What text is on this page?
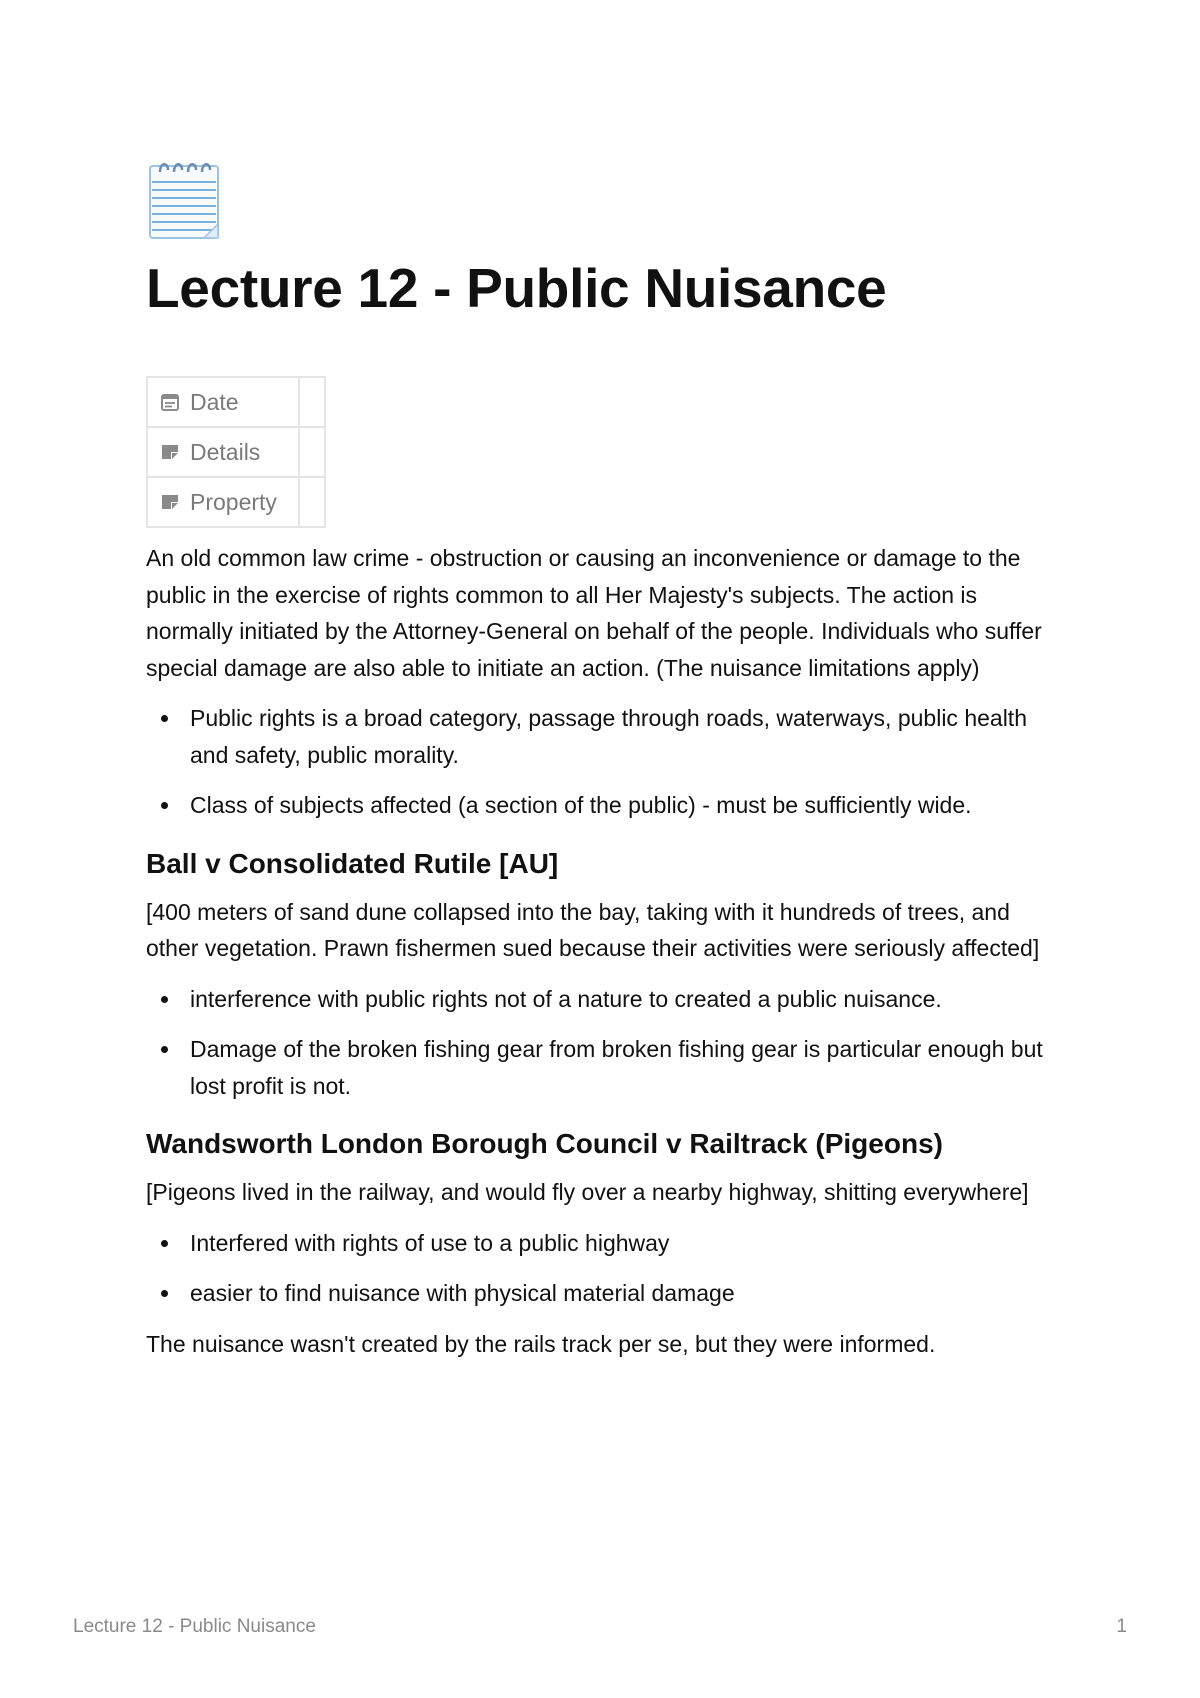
Lecture 12 - Public Nuisance
Date	

Details	

Property	

An old common law crime - obstruction or causing an inconvenience or damage to the public in the exercise of rights common to all Her Majesty's subjects. The action is normally initiated by the Attorney-General on behalf of the people. Individuals who suffer special damage are also able to initiate an action. (The nuisance limitations apply)

Public rights is a broad category, passage through roads, waterways, public health and safety, public morality.
Class of subjects affected (a section of the public) - must be sufficiently wide.
Ball v Consolidated Rutile [AU]

[400 meters of sand dune collapsed into the bay, taking with it hundreds of trees, and other vegetation. Prawn fishermen sued because their activities were seriously affected]

interference with public rights not of a nature to created a public nuisance.
Damage of the broken fishing gear from broken fishing gear is particular enough but lost profit is not.
Wandsworth London Borough Council v Railtrack (Pigeons)

[Pigeons lived in the railway, and would fly over a nearby highway, shitting everywhere]

Interfered with rights of use to a public highway
easier to find nuisance with physical material damage

The nuisance wasn't created by the rails track per se, but they were informed.

Lecture 12 - Public Nuisance	1
